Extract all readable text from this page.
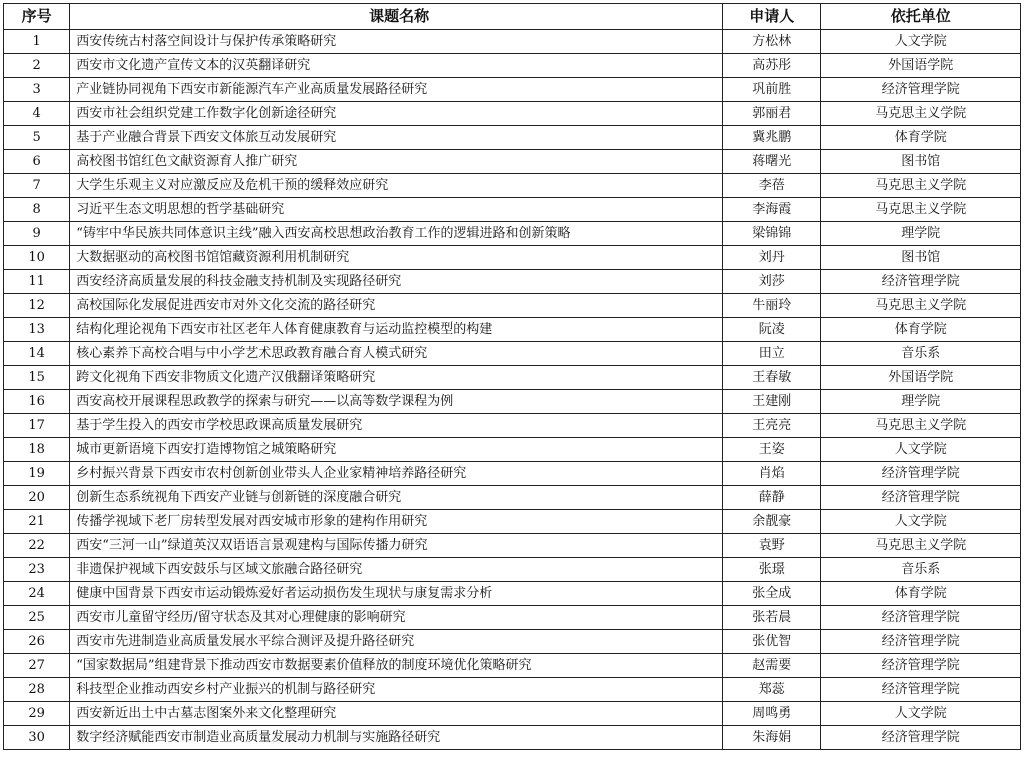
序号	课题名称	申请人	依托单位
1	西安传统古村落空间设计与保护传承策略研究	方松林	人文学院
2	西安市文化遗产宣传文本的汉英翻译研究	高苏彤	外国语学院
3	产业链协同视角下西安市新能源汽车产业高质量发展路径研究	巩前胜	经济管理学院
4	西安市社会组织党建工作数字化创新途径研究	郭丽君	马克思主义学院
5	基于产业融合背景下西安文体旅互动发展研究	冀兆鹏	体育学院
6	高校图书馆红色文献资源育人推广研究	蒋曙光	图书馆
7	大学生乐观主义对应激反应及危机干预的缓释效应研究	李蓓	马克思主义学院
8	习近平生态文明思想的哲学基础研究	李海霞	马克思主义学院
9	“铸牢中华民族共同体意识主线”融入西安高校思想政治教育工作的逻辑进路和创新策略	梁锦锦	理学院
10	大数据驱动的高校图书馆馆藏资源利用机制研究	刘丹	图书馆
11	西安经济高质量发展的科技金融支持机制及实现路径研究	刘莎	经济管理学院
12	高校国际化发展促进西安市对外文化交流的路径研究	牛丽玲	马克思主义学院
13	结构化理论视角下西安市社区老年人体育健康教育与运动监控模型的构建	阮凌	体育学院
14	核心素养下高校合唱与中小学艺术思政教育融合育人模式研究	田立	音乐系
15	跨文化视角下西安非物质文化遗产汉俄翻译策略研究	王春敏	外国语学院
16	西安高校开展课程思政教学的探索与研究——以高等数学课程为例	王建刚	理学院
17	基于学生投入的西安市学校思政课高质量发展研究	王亮亮	马克思主义学院
18	城市更新语境下西安打造博物馆之城策略研究	王姿	人文学院
19	乡村振兴背景下西安市农村创新创业带头人企业家精神培养路径研究	肖焰	经济管理学院
20	创新生态系统视角下西安产业链与创新链的深度融合研究	薛静	经济管理学院
21	传播学视域下老厂房转型发展对西安城市形象的建构作用研究	余靓豪	人文学院
22	西安“三河一山”绿道英汉双语语言景观建构与国际传播力研究	袁野	马克思主义学院
23	非遗保护视域下西安鼓乐与区域文旅融合路径研究	张璟	音乐系
24	健康中国背景下西安市运动锻炼爱好者运动损伤发生现状与康复需求分析	张全成	体育学院
25	西安市儿童留守经历/留守状态及其对心理健康的影响研究	张若晨	经济管理学院
26	西安市先进制造业高质量发展水平综合测评及提升路径研究	张优智	经济管理学院
27	“国家数据局”组建背景下推动西安市数据要素价值释放的制度环境优化策略研究	赵需要	经济管理学院
28	科技型企业推动西安乡村产业振兴的机制与路径研究	郑蕊	经济管理学院
29	西安新近出土中古墓志图案外来文化整理研究	周鸣勇	人文学院
30	数字经济赋能西安市制造业高质量发展动力机制与实施路径研究	朱海娟	经济管理学院
